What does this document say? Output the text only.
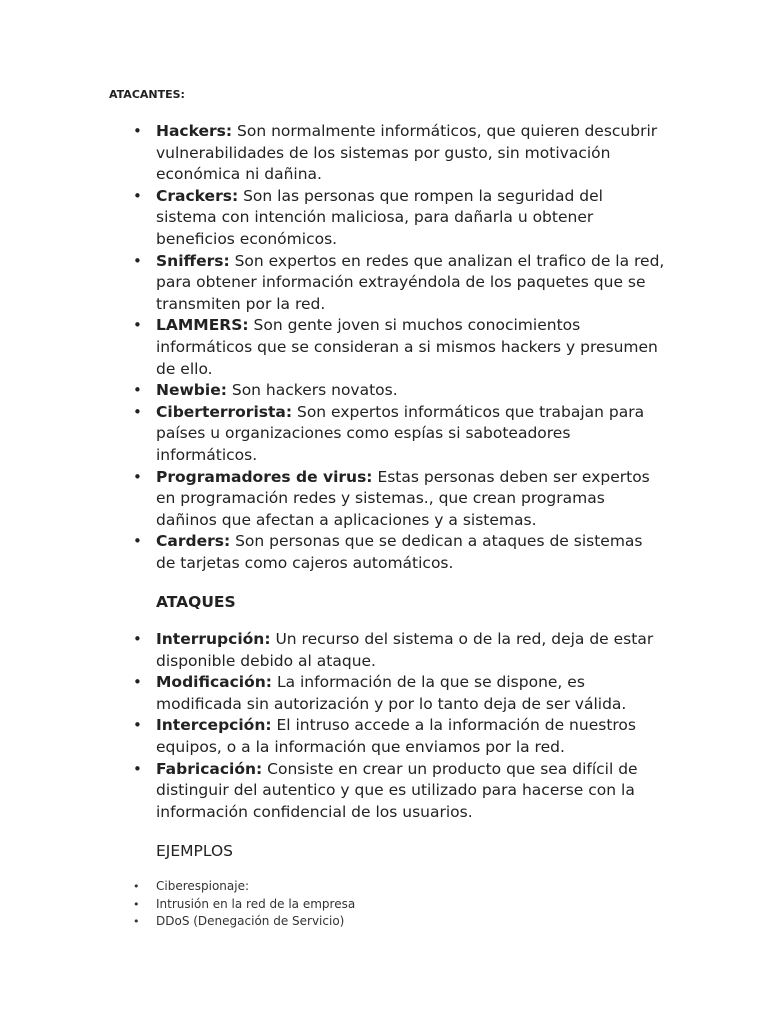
ATACANTES:

• Hackers: Son normalmente informáticos, que quieren descubrir vulnerabilidades de los sistemas por gusto, sin motivación económica ni dañina.
• Crackers: Son las personas que rompen la seguridad del sistema con intención maliciosa, para dañarla u obtener beneficios económicos.
• Sniffers: Son expertos en redes que analizan el trafico de la red, para obtener información extrayéndola de los paquetes que se transmiten por la red.
• LAMMERS: Son gente joven si muchos conocimientos informáticos que se consideran a si mismos hackers y presumen de ello.
• Newbie: Son hackers novatos.
• Ciberterrorista: Son expertos informáticos que trabajan para países u organizaciones como espías si saboteadores informáticos.
• Programadores de virus: Estas personas deben ser expertos en programación redes y sistemas., que crean programas dañinos que afectan a aplicaciones y a sistemas.
• Carders: Son personas que se dedican a ataques de sistemas de tarjetas como cajeros automáticos.

ATAQUES

• Interrupción: Un recurso del sistema o de la red, deja de estar disponible debido al ataque.
• Modificación: La información de la que se dispone, es modificada sin autorización y por lo tanto deja de ser válida.
• Intercepción: El intruso accede a la información de nuestros equipos, o a la información que enviamos por la red.
• Fabricación: Consiste en crear un producto que sea difícil de distinguir del autentico y que es utilizado para hacerse con la información confidencial de los usuarios.

EJEMPLOS

• Ciberespionaje:
• Intrusión en la red de la empresa
• DDoS (Denegación de Servicio)
